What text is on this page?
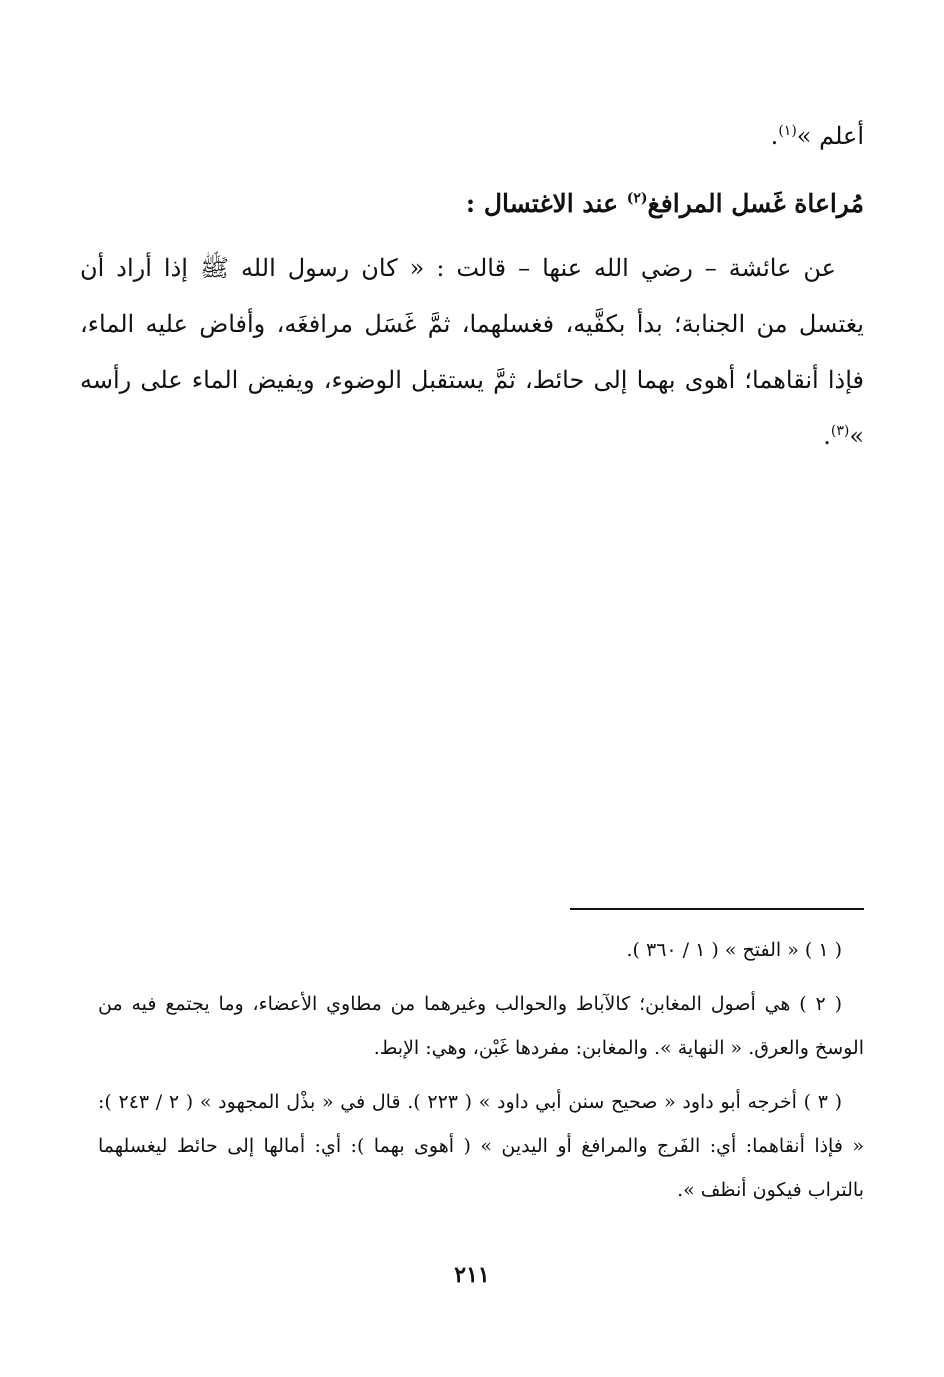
أعلم »$^{(١)}$.
مُراعاة غَسل المرافغ$^{(٢)}$ عند الاغتسال :
عن عائشة – رضي الله عنها – قالت : « كان رسول الله ﷺ إذا أراد أن يغتسل من الجنابة؛ بدأ بكفَّيه، فغسلهما، ثمَّ غَسَل مرافغَه، وأفاض عليه الماء، فإذا أنقاهما؛ أهوى بهما إلى حائط، ثمَّ يستقبل الوضوء، ويفيض الماء على رأسه »$^{(٣)}$.
( ١ ) « الفتح » ( ١ / ٣٦٠ ).
( ٢ ) هي أصول المغابن؛ كالآباط والحوالب وغيرهما من مطاوي الأعضاء، وما يجتمع فيه من الوسخ والعرق. « النهاية ». والمغابن: مفردها غَبْن، وهي: الإبط.
( ٣ ) أخرجه أبو داود « صحيح سنن أبي داود » ( ٢٢٣ ). قال في « بذْل المجهود » ( ٢ / ٢٤٣ ): « فإذا أنقاهما: أي: الفَرج والمرافغ أو اليدين » ( أهوى بهما ): أي: أمالها إلى حائط ليغسلهما بالتراب فيكون أنظف ».
٢١١
